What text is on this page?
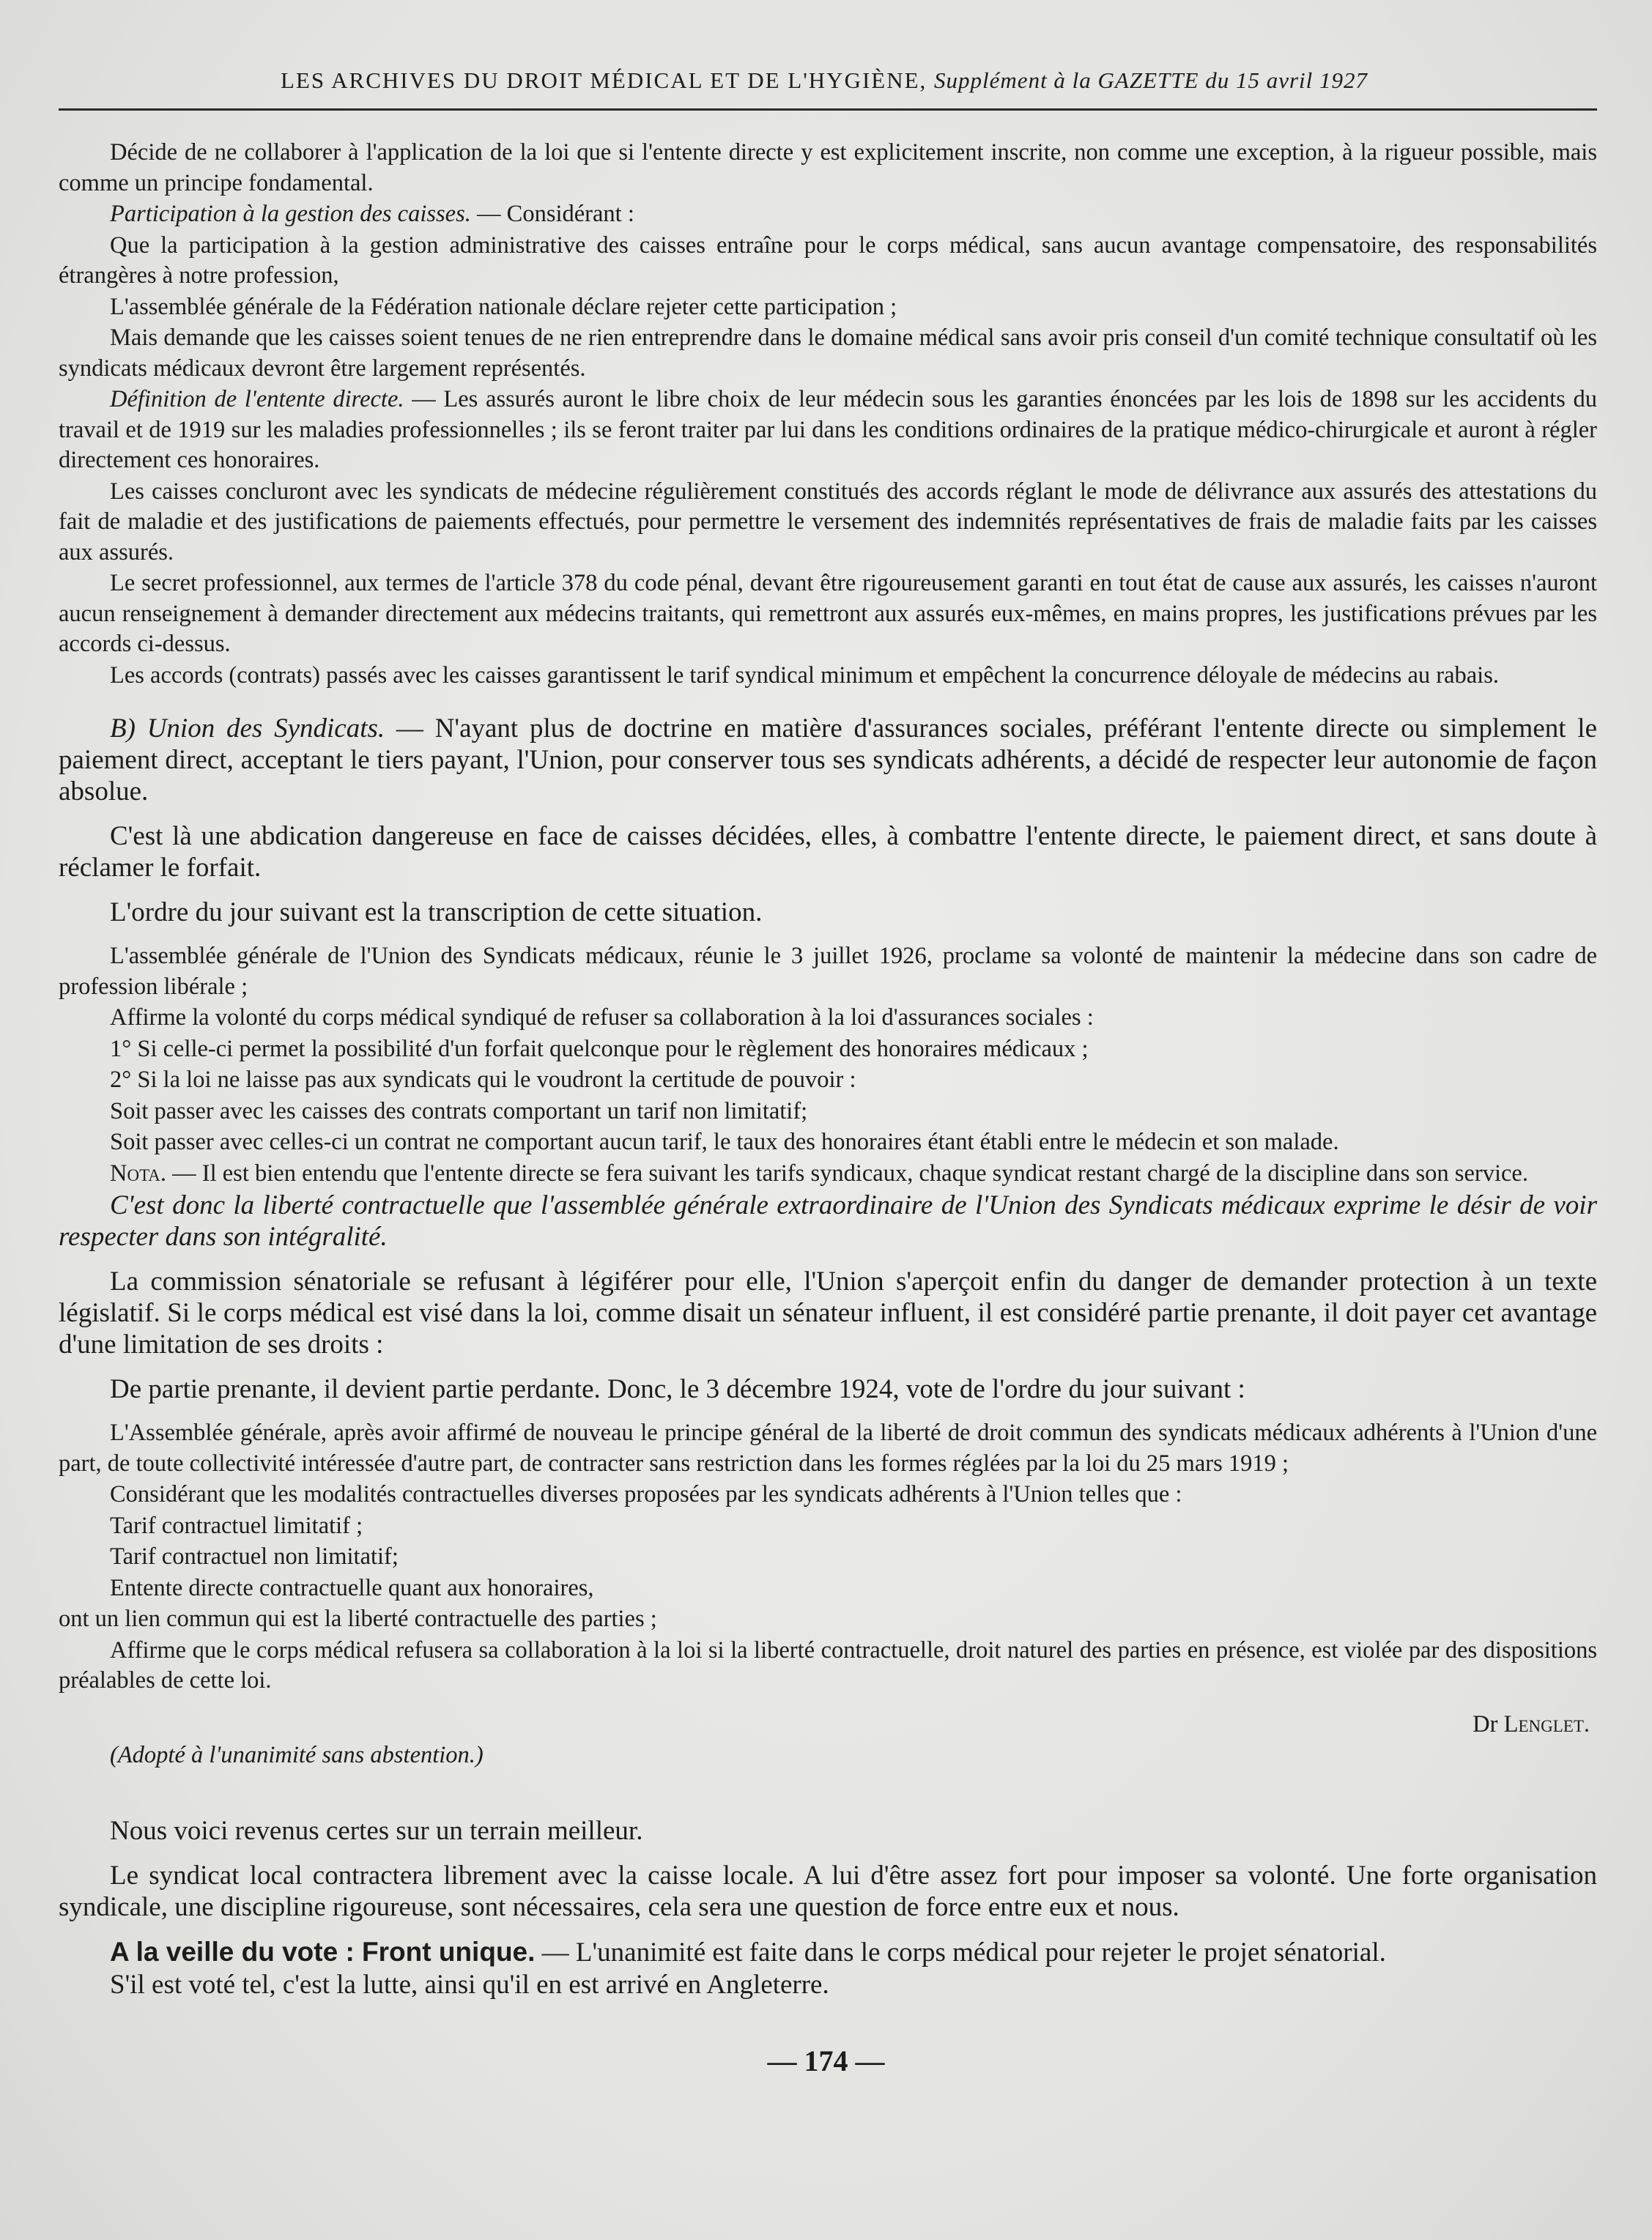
LES ARCHIVES DU DROIT MÉDICAL ET DE L'HYGIÈNE, Supplément à la GAZETTE du 15 avril 1927

Décide de ne collaborer à l'application de la loi que si l'entente directe y est explicitement inscrite, non comme une exception, à la rigueur possible, mais comme un principe fondamental.

Participation à la gestion des caisses. — Considérant :

Que la participation à la gestion administrative des caisses entraîne pour le corps médical, sans aucun avantage compensatoire, des responsabilités étrangères à notre profession,

L'assemblée générale de la Fédération nationale déclare rejeter cette participation ;

Mais demande que les caisses soient tenues de ne rien entreprendre dans le domaine médical sans avoir pris conseil d'un comité technique consultatif où les syndicats médicaux devront être largement représentés.

Définition de l'entente directe. — Les assurés auront le libre choix de leur médecin sous les garanties énoncées par les lois de 1898 sur les accidents du travail et de 1919 sur les maladies professionnelles ; ils se feront traiter par lui dans les conditions ordinaires de la pratique médico-chirurgicale et auront à régler directement ces honoraires.

Les caisses concluront avec les syndicats de médecine régulièrement constitués des accords réglant le mode de délivrance aux assurés des attestations du fait de maladie et des justifications de paiements effectués, pour permettre le versement des indemnités représentatives de frais de maladie faits par les caisses aux assurés.

Le secret professionnel, aux termes de l'article 378 du code pénal, devant être rigoureusement garanti en tout état de cause aux assurés, les caisses n'auront aucun renseignement à demander directement aux médecins traitants, qui remettront aux assurés eux-mêmes, en mains propres, les justifications prévues par les accords ci-dessus.

Les accords (contrats) passés avec les caisses garantissent le tarif syndical minimum et empêchent la concurrence déloyale de médecins au rabais.

B) Union des Syndicats. — N'ayant plus de doctrine en matière d'assurances sociales, préférant l'entente directe ou simplement le paiement direct, acceptant le tiers payant, l'Union, pour conserver tous ses syndicats adhérents, a décidé de respecter leur autonomie de façon absolue.

C'est là une abdication dangereuse en face de caisses décidées, elles, à combattre l'entente directe, le paiement direct, et sans doute à réclamer le forfait.

L'ordre du jour suivant est la transcription de cette situation.

L'assemblée générale de l'Union des Syndicats médicaux, réunie le 3 juillet 1926, proclame sa volonté de maintenir la médecine dans son cadre de profession libérale ;

Affirme la volonté du corps médical syndiqué de refuser sa collaboration à la loi d'assurances sociales :

1° Si celle-ci permet la possibilité d'un forfait quelconque pour le règlement des honoraires médicaux ;

2° Si la loi ne laisse pas aux syndicats qui le voudront la certitude de pouvoir :

Soit passer avec les caisses des contrats comportant un tarif non limitatif;

Soit passer avec celles-ci un contrat ne comportant aucun tarif, le taux des honoraires étant établi entre le médecin et son malade.

Nota. — Il est bien entendu que l'entente directe se fera suivant les tarifs syndicaux, chaque syndicat restant chargé de la discipline dans son service.

C'est donc la liberté contractuelle que l'assemblée générale extraordinaire de l'Union des Syndicats médicaux exprime le désir de voir respecter dans son intégralité.

La commission sénatoriale se refusant à légiférer pour elle, l'Union s'aperçoit enfin du danger de demander protection à un texte législatif. Si le corps médical est visé dans la loi, comme disait un sénateur influent, il est considéré partie prenante, il doit payer cet avantage d'une limitation de ses droits :

De partie prenante, il devient partie perdante. Donc, le 3 décembre 1924, vote de l'ordre du jour suivant :

L'Assemblée générale, après avoir affirmé de nouveau le principe général de la liberté de droit commun des syndicats médicaux adhérents à l'Union d'une part, de toute collectivité intéressée d'autre part, de contracter sans restriction dans les formes réglées par la loi du 25 mars 1919 ;

Considérant que les modalités contractuelles diverses proposées par les syndicats adhérents à l'Union telles que :

Tarif contractuel limitatif ;

Tarif contractuel non limitatif;

Entente directe contractuelle quant aux honoraires,

ont un lien commun qui est la liberté contractuelle des parties ;

Affirme que le corps médical refusera sa collaboration à la loi si la liberté contractuelle, droit naturel des parties en présence, est violée par des dispositions préalables de cette loi.

Dr Lenglet.

(Adopté à l'unanimité sans abstention.)

Nous voici revenus certes sur un terrain meilleur.

Le syndicat local contractera librement avec la caisse locale. A lui d'être assez fort pour imposer sa volonté. Une forte organisation syndicale, une discipline rigoureuse, sont nécessaires, cela sera une question de force entre eux et nous.

A la veille du vote : Front unique. — L'unanimité est faite dans le corps médical pour rejeter le projet sénatorial.

S'il est voté tel, c'est la lutte, ainsi qu'il en est arrivé en Angleterre.

— 174 —
